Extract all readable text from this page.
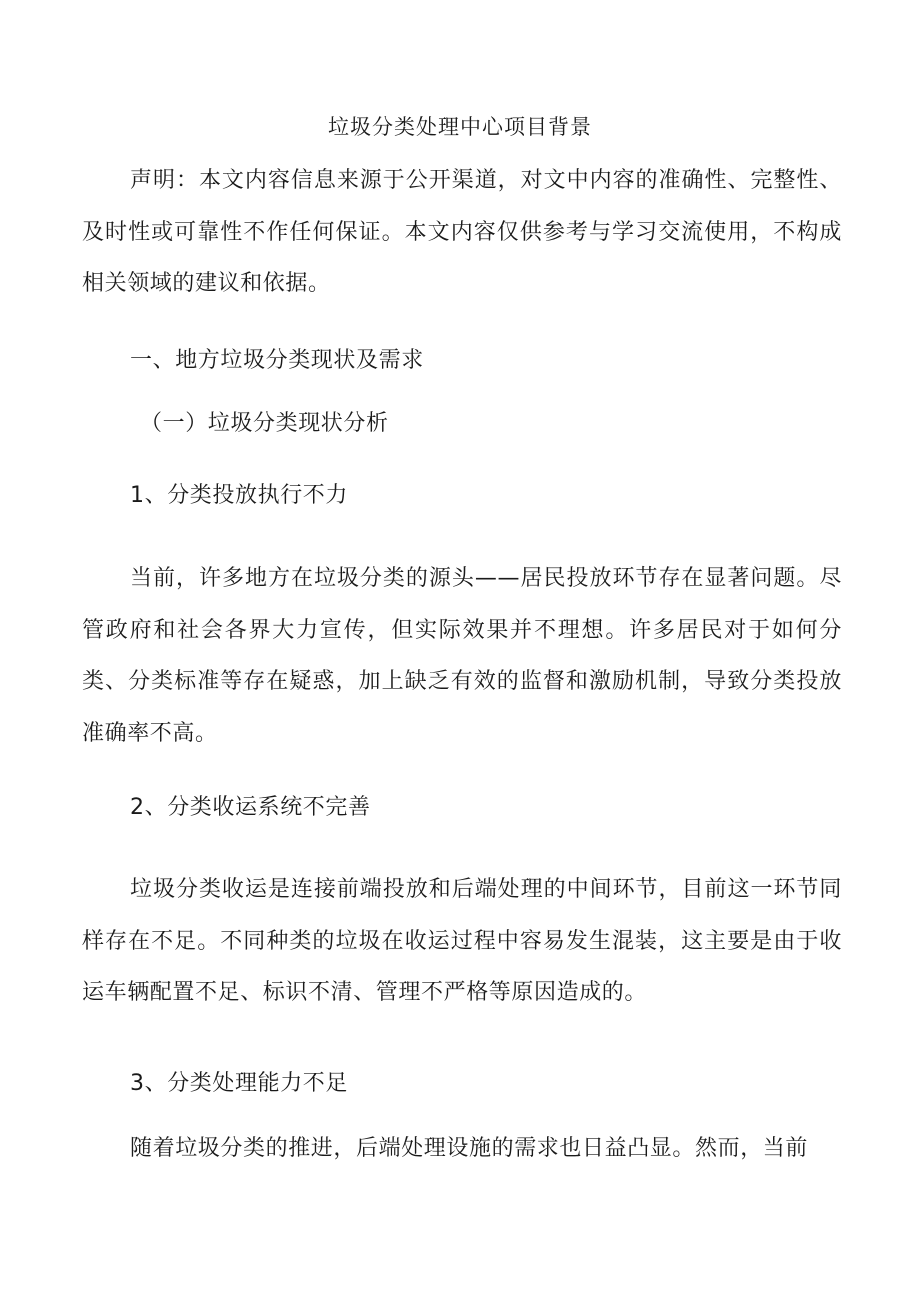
垃圾分类处理中心项目背景

声明：本文内容信息来源于公开渠道，对文中内容的准确性、完整性、及时性或可靠性不作任何保证。本文内容仅供参考与学习交流使用，不构成相关领域的建议和依据。

一、地方垃圾分类现状及需求
（一）垃圾分类现状分析
1、分类投放执行不力

当前，许多地方在垃圾分类的源头——居民投放环节存在显著问题。尽管政府和社会各界大力宣传，但实际效果并不理想。许多居民对于如何分类、分类标准等存在疑惑，加上缺乏有效的监督和激励机制，导致分类投放准确率不高。

2、分类收运系统不完善

垃圾分类收运是连接前端投放和后端处理的中间环节，目前这一环节同样存在不足。不同种类的垃圾在收运过程中容易发生混装，这主要是由于收运车辆配置不足、标识不清、管理不严格等原因造成的。

3、分类处理能力不足

随着垃圾分类的推进，后端处理设施的需求也日益凸显。然而，当前
